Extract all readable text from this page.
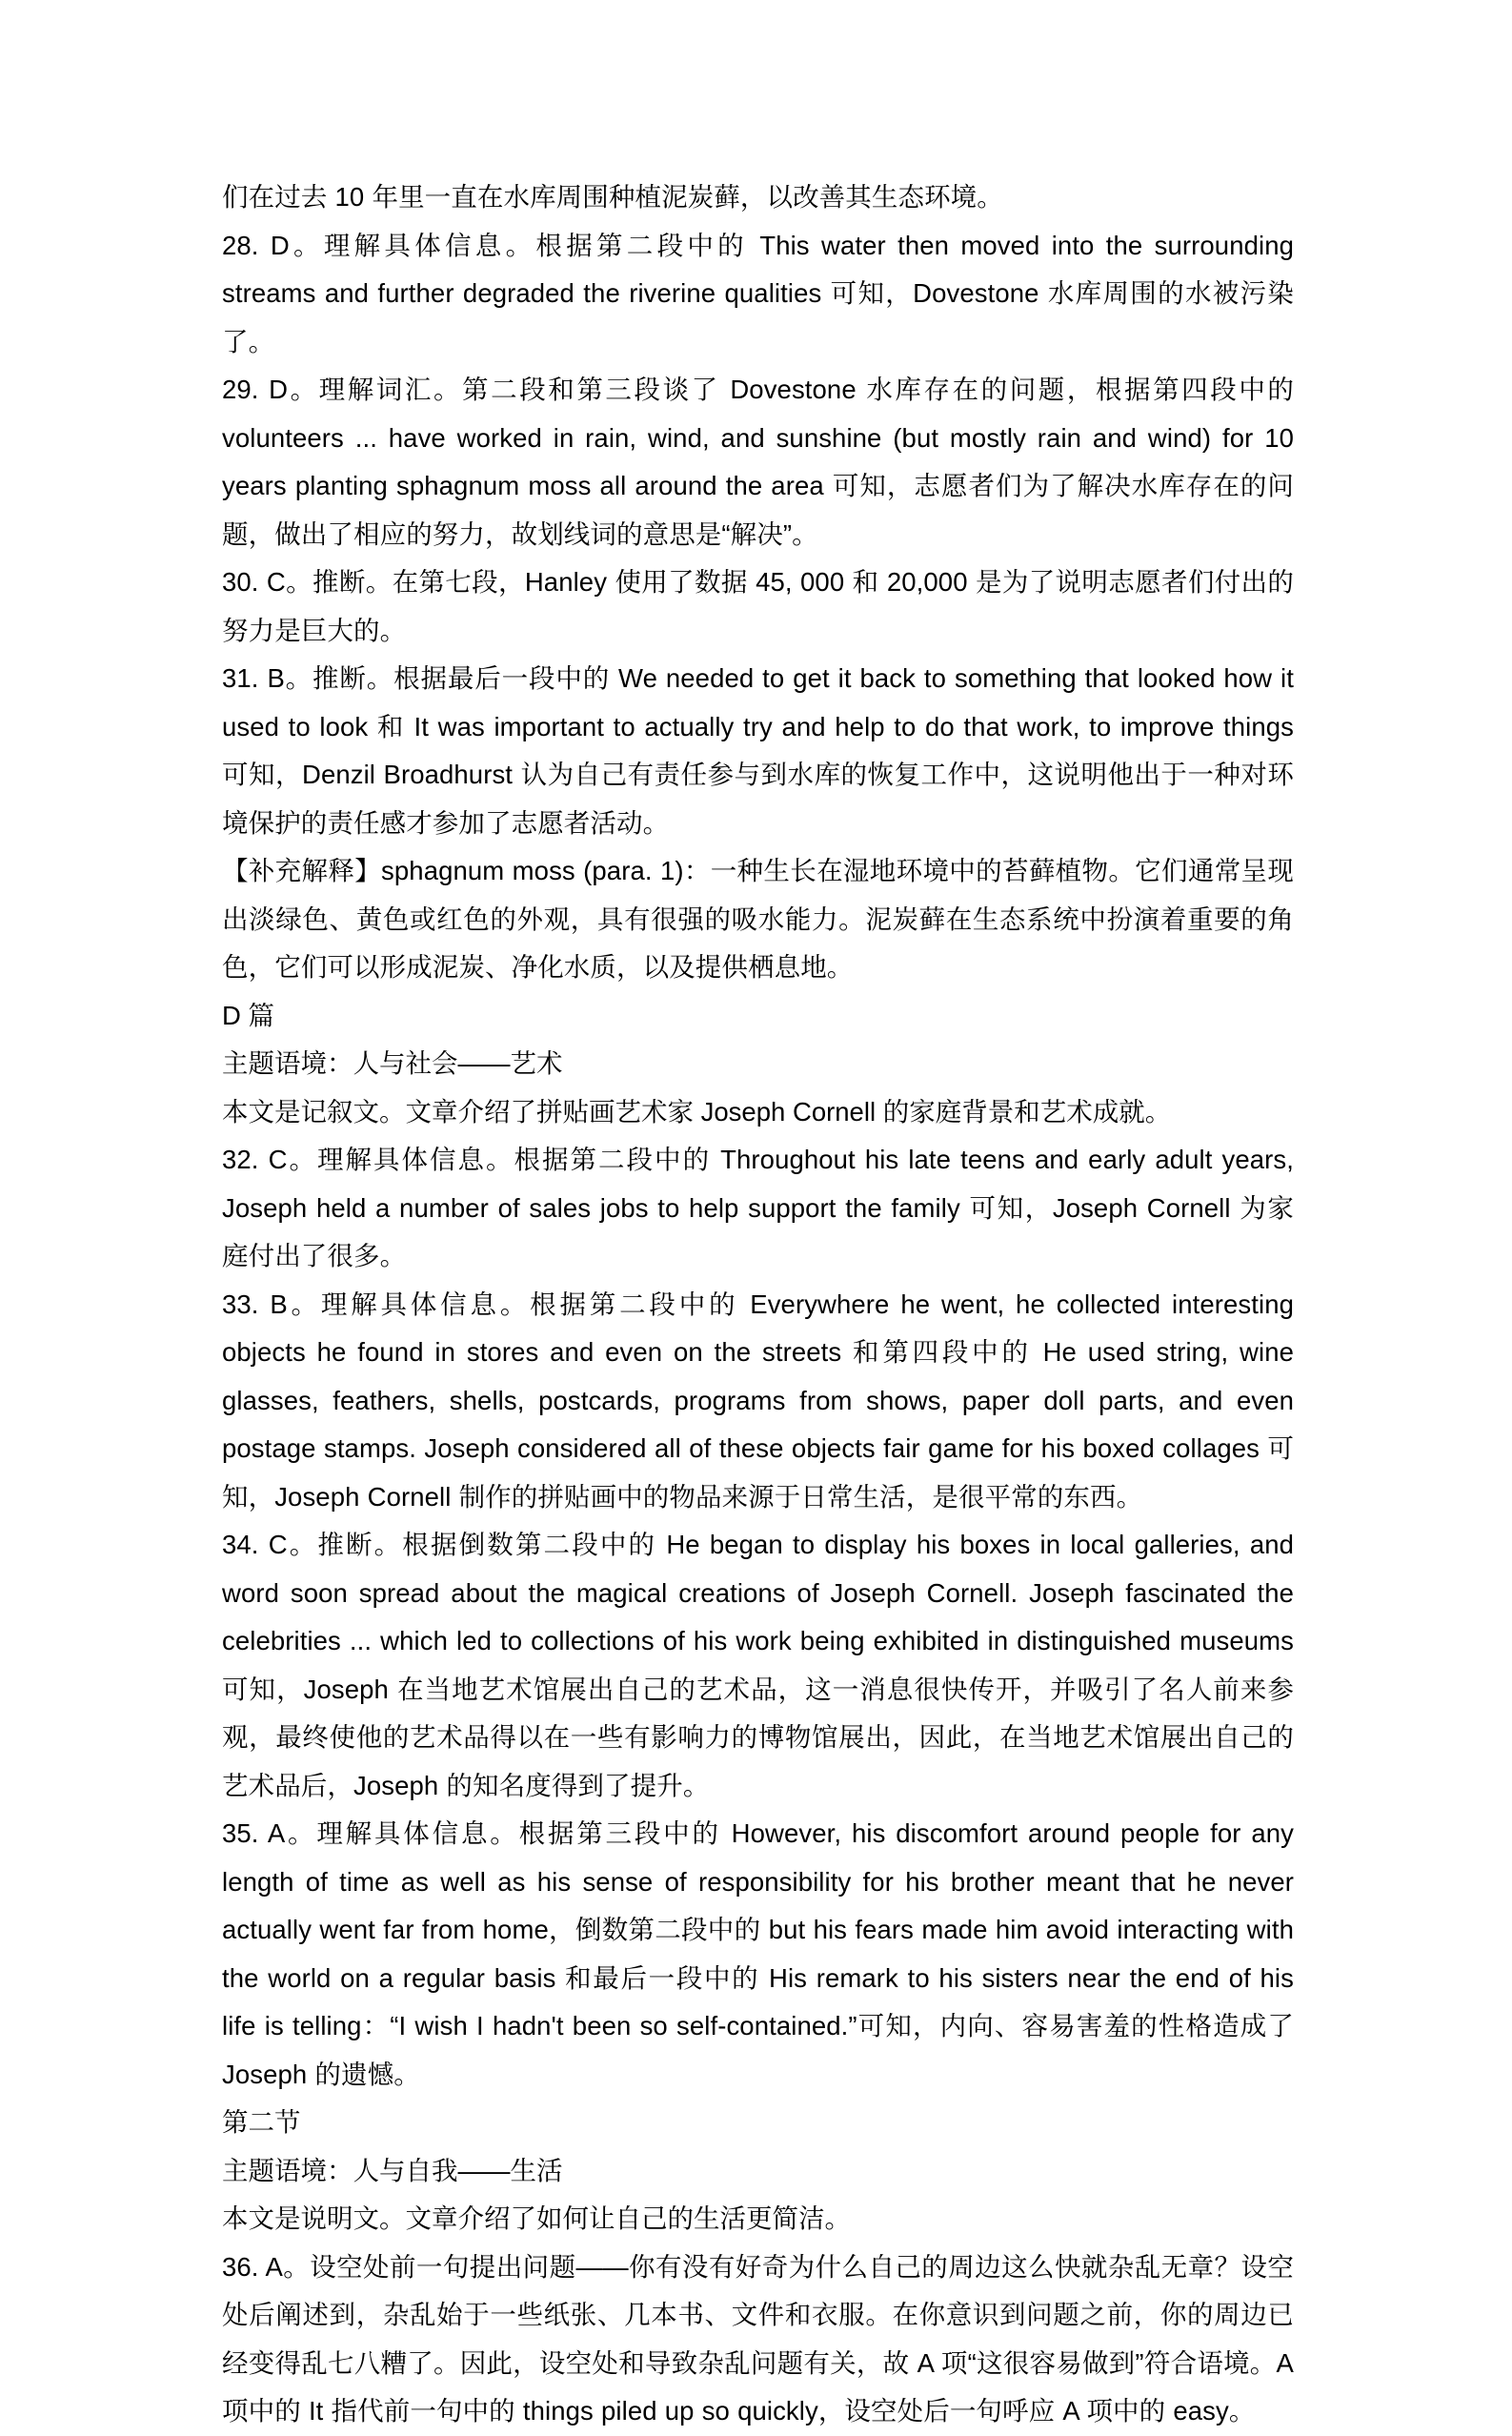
们在过去 10 年里一直在水库周围种植泥炭藓，以改善其生态环境。

28. D。理解具体信息。根据第二段中的 This water then moved into the surrounding streams and further degraded the riverine qualities 可知，Dovestone 水库周围的水被污染了。

29. D。理解词汇。第二段和第三段谈了 Dovestone 水库存在的问题，根据第四段中的 volunteers ... have worked in rain, wind, and sunshine (but mostly rain and wind) for 10 years planting sphagnum moss all around the area 可知，志愿者们为了解决水库存在的问题，做出了相应的努力，故划线词的意思是“解决”。

30. C。推断。在第七段，Hanley 使用了数据 45, 000 和 20,000 是为了说明志愿者们付出的努力是巨大的。

31. B。推断。根据最后一段中的 We needed to get it back to something that looked how it used to look 和 It was important to actually try and help to do that work, to improve things 可知，Denzil Broadhurst 认为自己有责任参与到水库的恢复工作中，这说明他出于一种对环境保护的责任感才参加了志愿者活动。

【补充解释】sphagnum moss (para. 1)：一种生长在湿地环境中的苔藓植物。它们通常呈现出淡绿色、黄色或红色的外观，具有很强的吸水能力。泥炭藓在生态系统中扮演着重要的角色，它们可以形成泥炭、净化水质，以及提供栖息地。

D 篇

主题语境：人与社会——艺术

本文是记叙文。文章介绍了拼贴画艺术家 Joseph Cornell 的家庭背景和艺术成就。

32. C。理解具体信息。根据第二段中的 Throughout his late teens and early adult years, Joseph held a number of sales jobs to help support the family 可知，Joseph Cornell 为家庭付出了很多。

33. B。理解具体信息。根据第二段中的 Everywhere he went, he collected interesting objects he found in stores and even on the streets 和第四段中的 He used string, wine glasses, feathers, shells, postcards, programs from shows, paper doll parts, and even postage stamps. Joseph considered all of these objects fair game for his boxed collages 可知，Joseph Cornell 制作的拼贴画中的物品来源于日常生活，是很平常的东西。

34. C。推断。根据倒数第二段中的 He began to display his boxes in local galleries, and word soon spread about the magical creations of Joseph Cornell. Joseph fascinated the celebrities ... which led to collections of his work being exhibited in distinguished museums 可知，Joseph 在当地艺术馆展出自己的艺术品，这一消息很快传开，并吸引了名人前来参观，最终使他的艺术品得以在一些有影响力的博物馆展出，因此，在当地艺术馆展出自己的艺术品后，Joseph 的知名度得到了提升。

35. A。理解具体信息。根据第三段中的 However, his discomfort around people for any length of time as well as his sense of responsibility for his brother meant that he never actually went far from home，倒数第二段中的 but his fears made him avoid interacting with the world on a regular basis 和最后一段中的 His remark to his sisters near the end of his life is telling：“I wish I hadn't been so self-contained.”可知，内向、容易害羞的性格造成了 Joseph 的遗憾。

第二节

主题语境：人与自我——生活

本文是说明文。文章介绍了如何让自己的生活更简洁。

36. A。设空处前一句提出问题——你有没有好奇为什么自己的周边这么快就杂乱无章？设空处后阐述到，杂乱始于一些纸张、几本书、文件和衣服。在你意识到问题之前，你的周边已经变得乱七八糟了。因此，设空处和导致杂乱问题有关，故 A 项“这很容易做到”符合语境。A 项中的 It 指代前一句中的 things piled up so quickly，设空处后一句呼应 A 项中的 easy。
